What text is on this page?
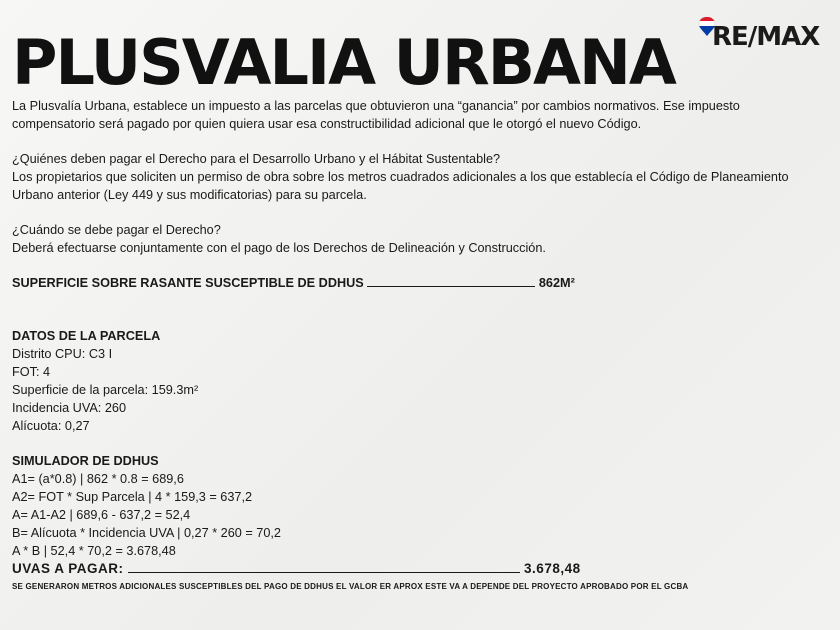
PLUSVALIA URBANA RE/MAX

La Plusvalía Urbana, establece un impuesto a las parcelas que obtuvieron una “ganancia” por cambios normativos. Ese impuesto

compensatorio será pagado por quien quiera usar esa constructibilidad adicional que le otorgó el nuevo Código.

¿Quiénes deben pagar el Derecho para el Desarrollo Urbano y el Hábitat Sustentable?

Los propietarios que soliciten un permiso de obra sobre los metros cuadrados adicionales a los que establecía el Código de Planeamiento

Urbano anterior (Ley 449 y sus modificatorias) para su parcela.

¿Cuándo se debe pagar el Derecho?

Deberá efectuarse conjuntamente con el pago de los Derechos de Delineación y Construcción.

SUPERFICIE SOBRE RASANTE SUSCEPTIBLE DE DDHUS	862M²

DATOS DE LA PARCELA

Distrito CPU: C3 I

FOT: 4

Superficie de la parcela: 159.3m²

Incidencia UVA: 260

Alícuota: 0,27

SIMULADOR DE DDHUS

A1= (a*0.8) | 862 * 0.8 = 689,6

A2= FOT * Sup Parcela | 4 * 159,3 = 637,2

A= A1-A2 | 689,6 - 637,2 = 52,4

B= Alícuota * Incidencia UVA | 0,27 * 260 = 70,2

A * B | 52,4 * 70,2 = 3.678,48

UVAS A PAGAR:	3.678,48

SE GENERARON METROS ADICIONALES SUSCEPTIBLES DEL PAGO DE DDHUS EL VALOR ER APROX ESTE VA A DEPENDE DEL PROYECTO APROBADO POR EL GCBA
